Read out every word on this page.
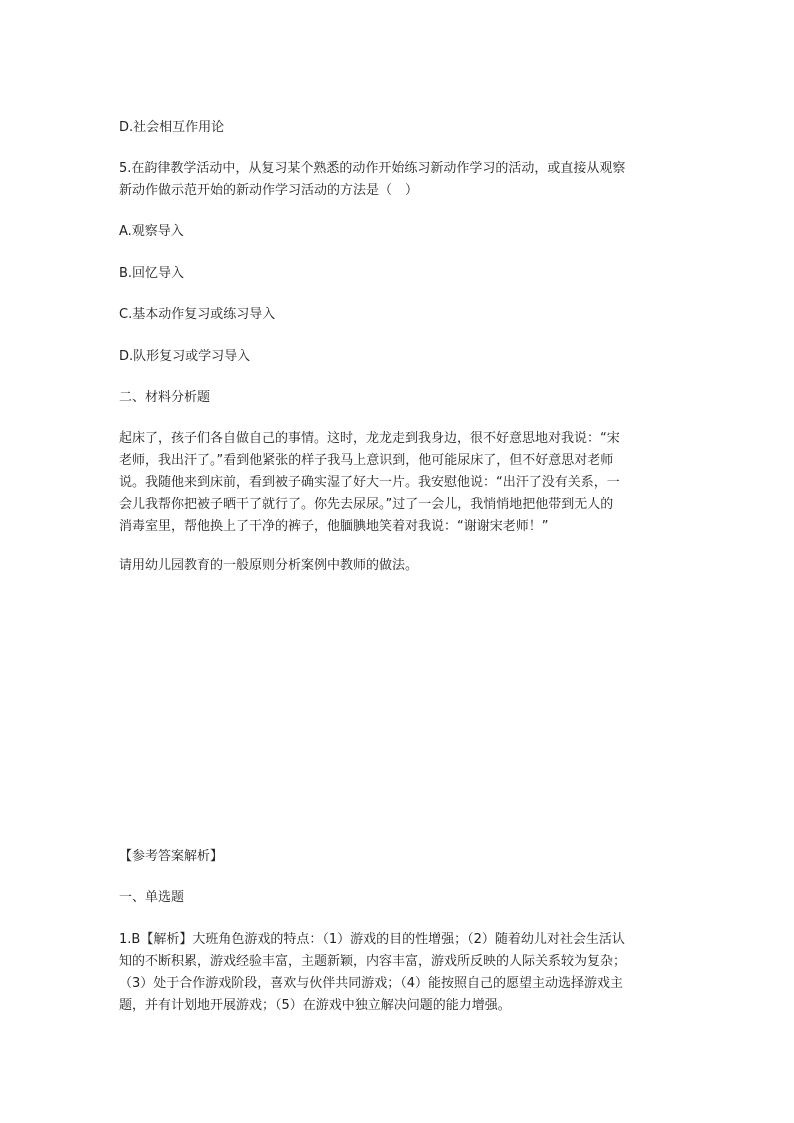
D.社会相互作用论
5.在韵律教学活动中，从复习某个熟悉的动作开始练习新动作学习的活动，或直接从观察
新动作做示范开始的新动作学习活动的方法是（　）
A.观察导入
B.回忆导入
C.基本动作复习或练习导入
D.队形复习或学习导入
二、材料分析题
起床了，孩子们各自做自己的事情。这时，龙龙走到我身边，很不好意思地对我说：“宋
老师，我出汗了。”看到他紧张的样子我马上意识到，他可能尿床了，但不好意思对老师
说。我随他来到床前，看到被子确实湿了好大一片。我安慰他说：“出汗了没有关系，一
会儿我帮你把被子晒干了就行了。你先去尿尿。”过了一会儿，我悄悄地把他带到无人的
消毒室里，帮他换上了干净的裤子，他腼腆地笑着对我说：“谢谢宋老师！”
请用幼儿园教育的一般原则分析案例中教师的做法。
【参考答案解析】
一、单选题
1.B【解析】大班角色游戏的特点：（1）游戏的目的性增强；（2）随着幼儿对社会生活认
知的不断积累，游戏经验丰富，主题新颖，内容丰富，游戏所反映的人际关系较为复杂；
（3）处于合作游戏阶段，喜欢与伙伴共同游戏；（4）能按照自己的愿望主动选择游戏主
题，并有计划地开展游戏；（5）在游戏中独立解决问题的能力增强。
